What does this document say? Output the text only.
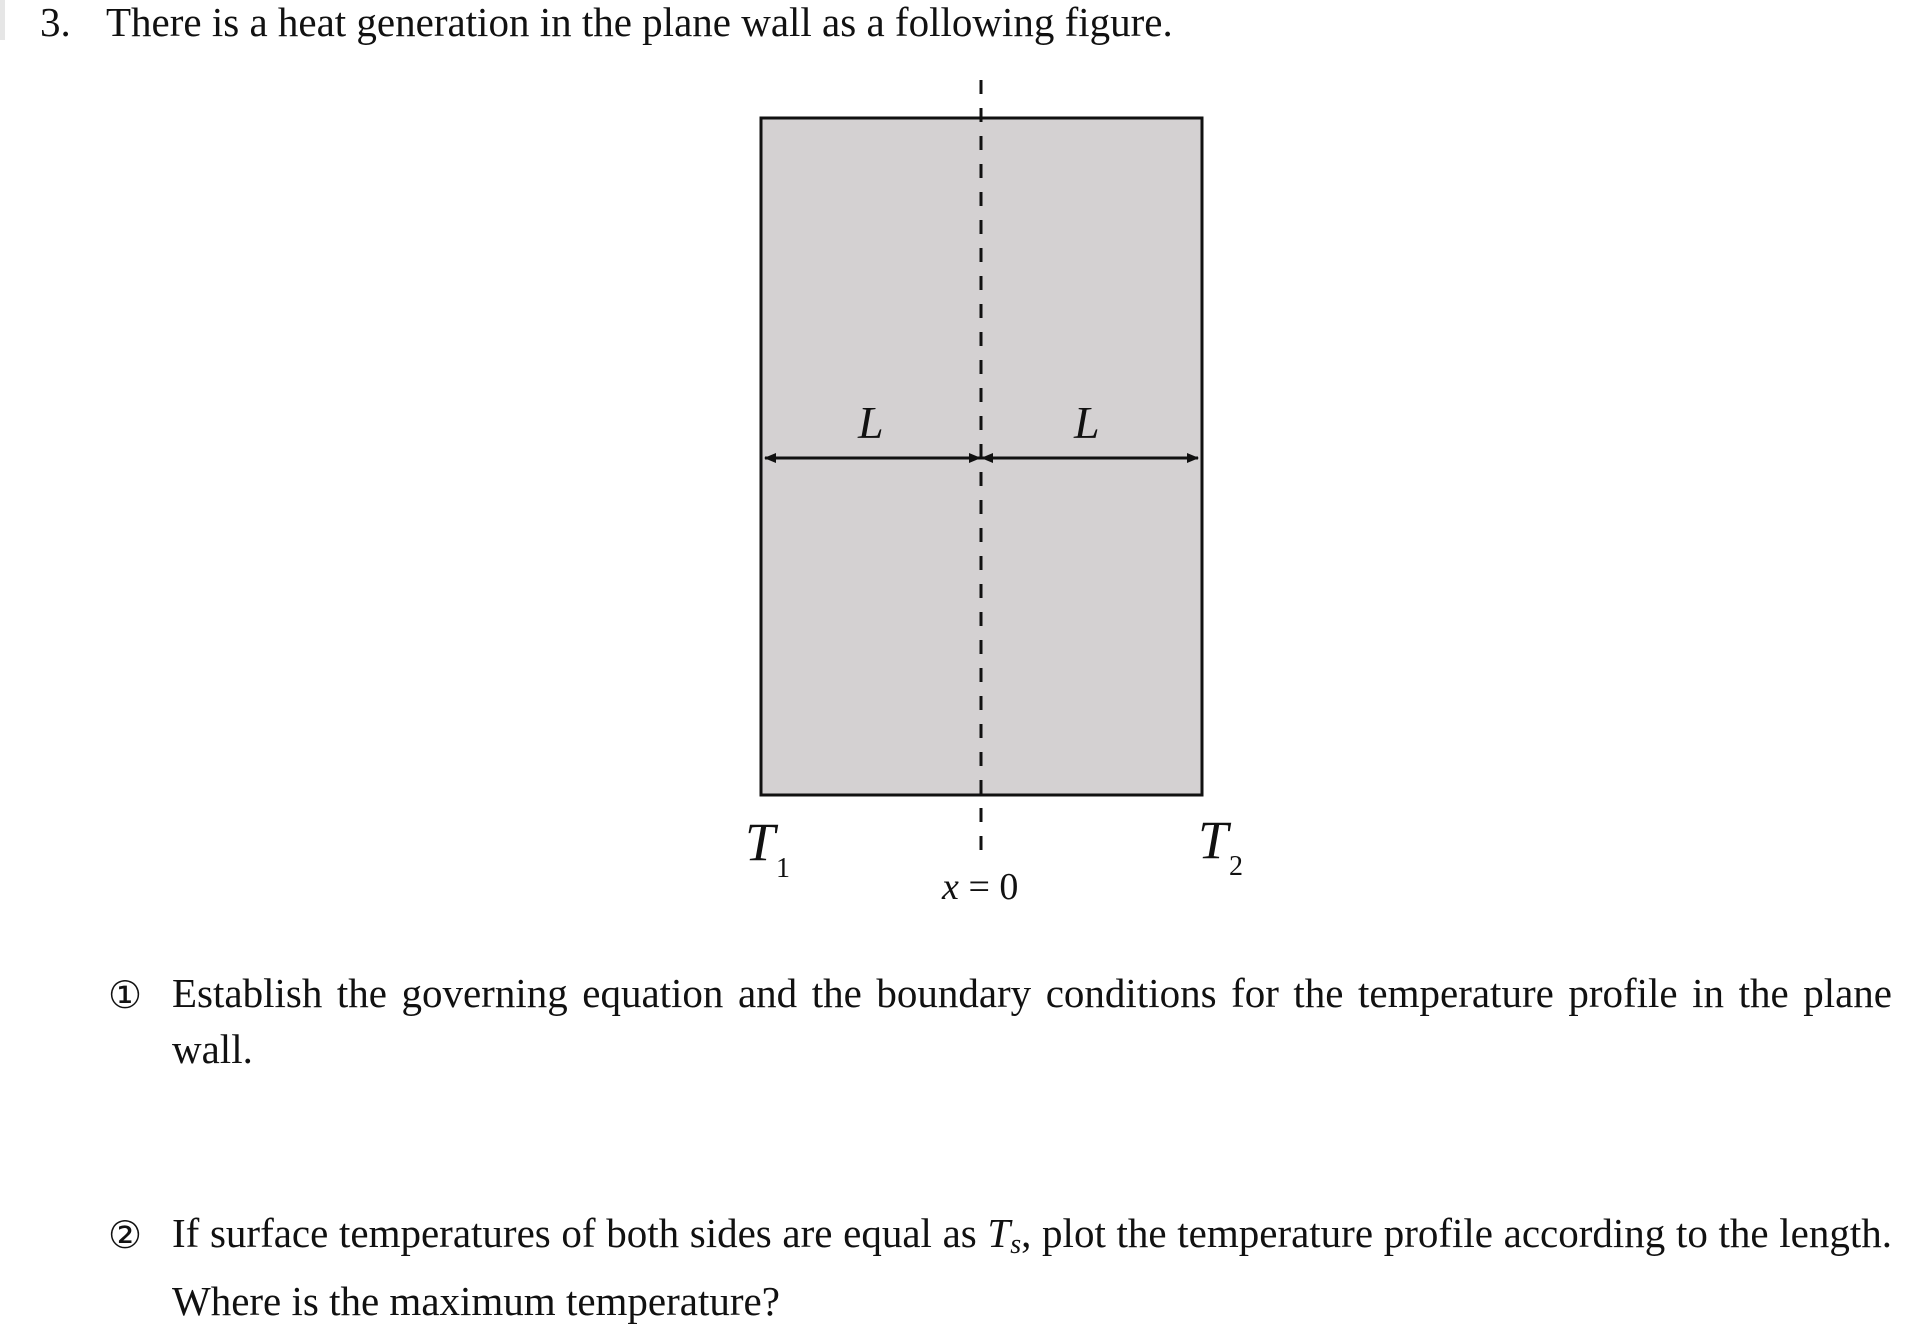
3. There is a heat generation in the plane wall as a following figure.
L	L
T 1	T 2
x = 0
① Establish the governing equation and the boundary conditions for the temperature profile in the plane wall.
② If surface temperatures of both sides are equal as Ts, plot the temperature profile according to the length. Where is the maximum temperature?
